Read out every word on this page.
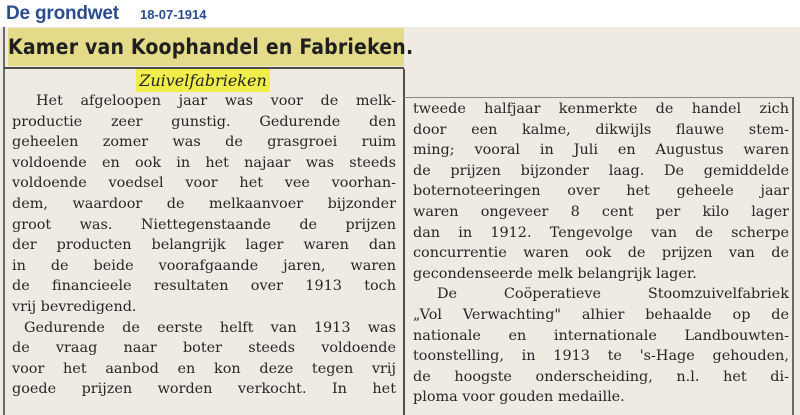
De grondwet 18-07-1914
Kamer van Koophandel en Fabrieken.
Zuivelfabrieken
Het afgeloopen jaar was voor de melk-
productie zeer gunstig. Gedurende den
geheelen zomer was de grasgroei ruim
voldoende en ook in het najaar was steeds
voldoende voedsel voor het vee voorhan-
dem, waardoor de melkaanvoer bijzonder
groot was. Niettegenstaande de prijzen
der producten belangrijk lager waren dan
in de beide voorafgaande jaren, waren
de financieele resultaten over 1913 toch
vrij bevredigend.
Gedurende de eerste helft van 1913 was
de vraag naar boter steeds voldoende
voor het aanbod en kon deze tegen vrij
goede prijzen worden verkocht. In het
tweede halfjaar kenmerkte de handel zich
door een kalme, dikwijls flauwe stem-
ming; vooral in Juli en Augustus waren
de prijzen bijzonder laag. De gemiddelde
boternoteeringen over het geheele jaar
waren ongeveer 8 cent per kilo lager
dan in 1912. Tengevolge van de scherpe
concurrentie waren ook de prijzen van de
gecondenseerde melk belangrijk lager.
De Coöperatieve Stoomzuivelfabriek
„Vol Verwachting" alhier behaalde op de
nationale en internationale Landbouwten-
toonstelling, in 1913 te 's-Hage gehouden,
de hoogste onderscheiding, n.l. het di-
ploma voor gouden medaille.
